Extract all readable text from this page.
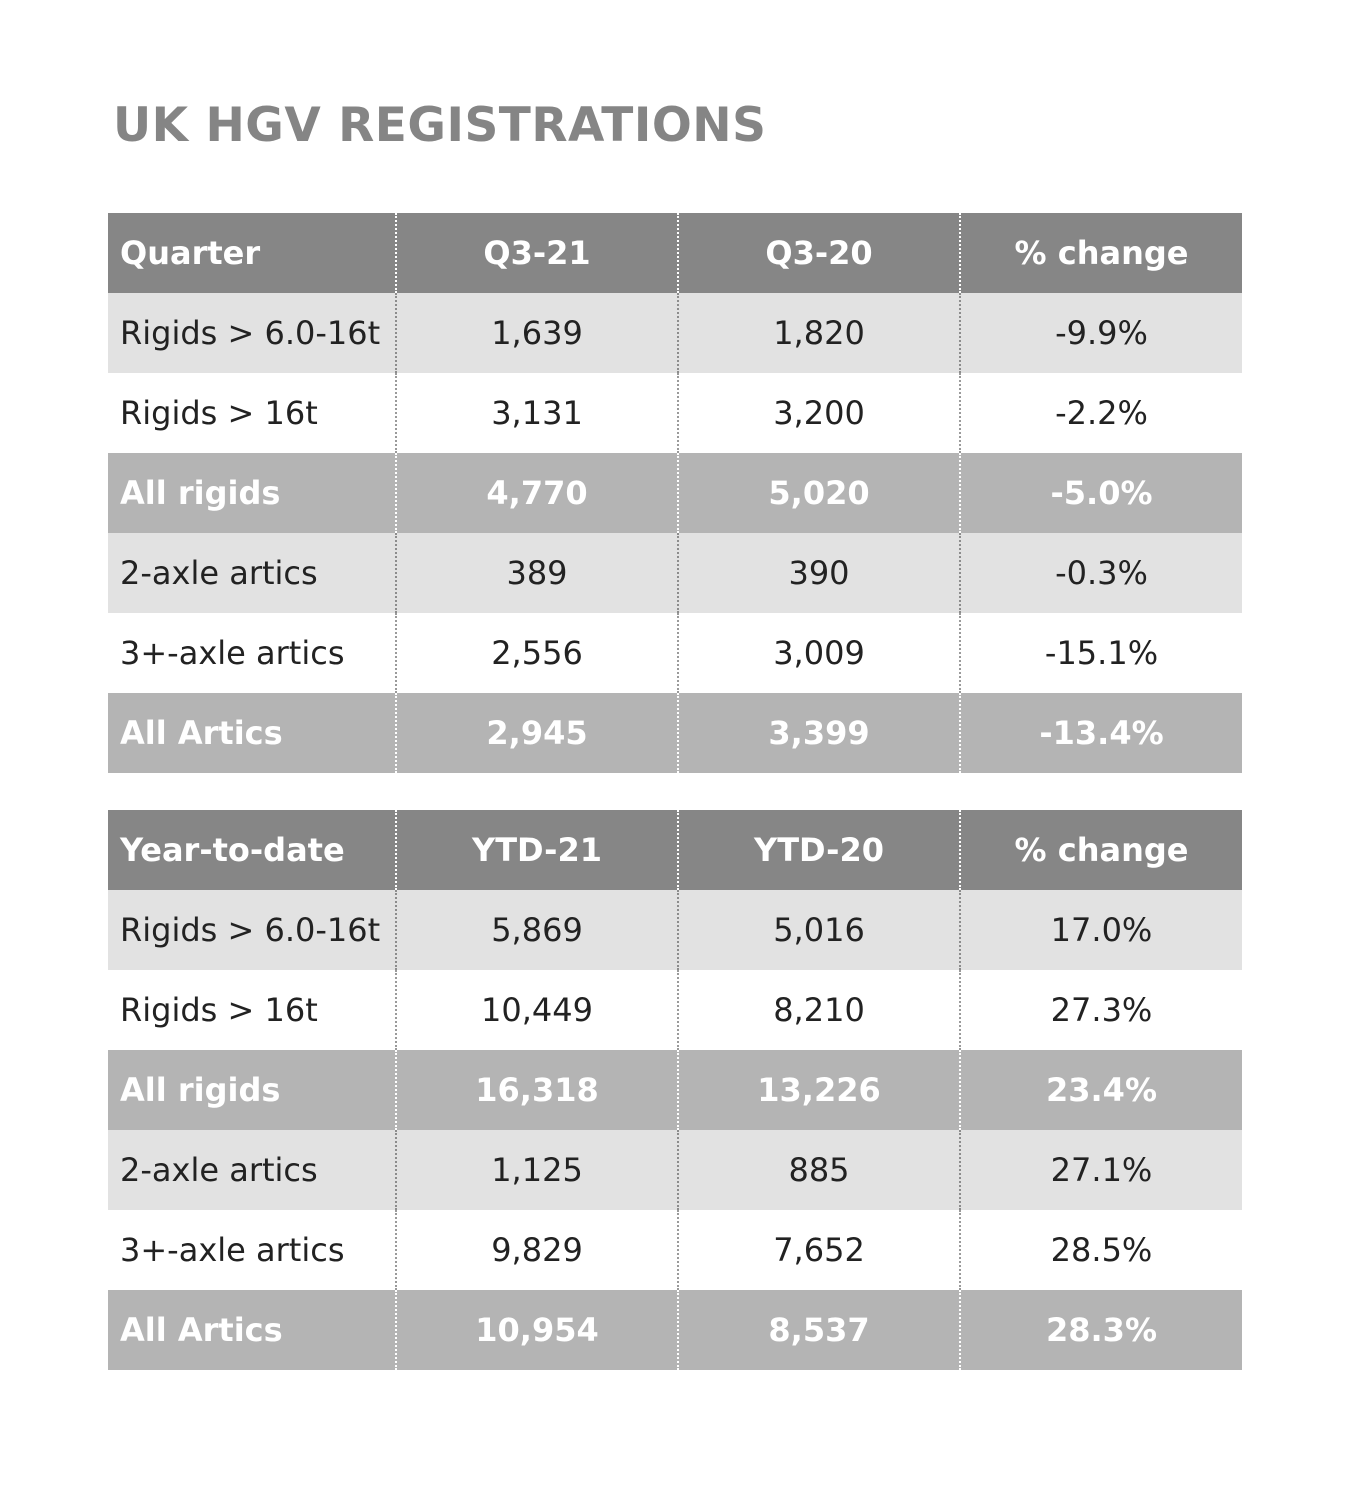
UK HGV REGISTRATIONS
Quarter	Q3-21	Q3-20	% change
Rigids > 6.0-16t	1,639	1,820	-9.9%
Rigids > 16t	3,131	3,200	-2.2%
All rigids	4,770	5,020	-5.0%
2-axle artics	389	390	-0.3%
3+-axle artics	2,556	3,009	-15.1%
All Artics	2,945	3,399	-13.4%
Year-to-date	YTD-21	YTD-20	% change
Rigids > 6.0-16t	5,869	5,016	17.0%
Rigids > 16t	10,449	8,210	27.3%
All rigids	16,318	13,226	23.4%
2-axle artics	1,125	885	27.1%
3+-axle artics	9,829	7,652	28.5%
All Artics	10,954	8,537	28.3%
